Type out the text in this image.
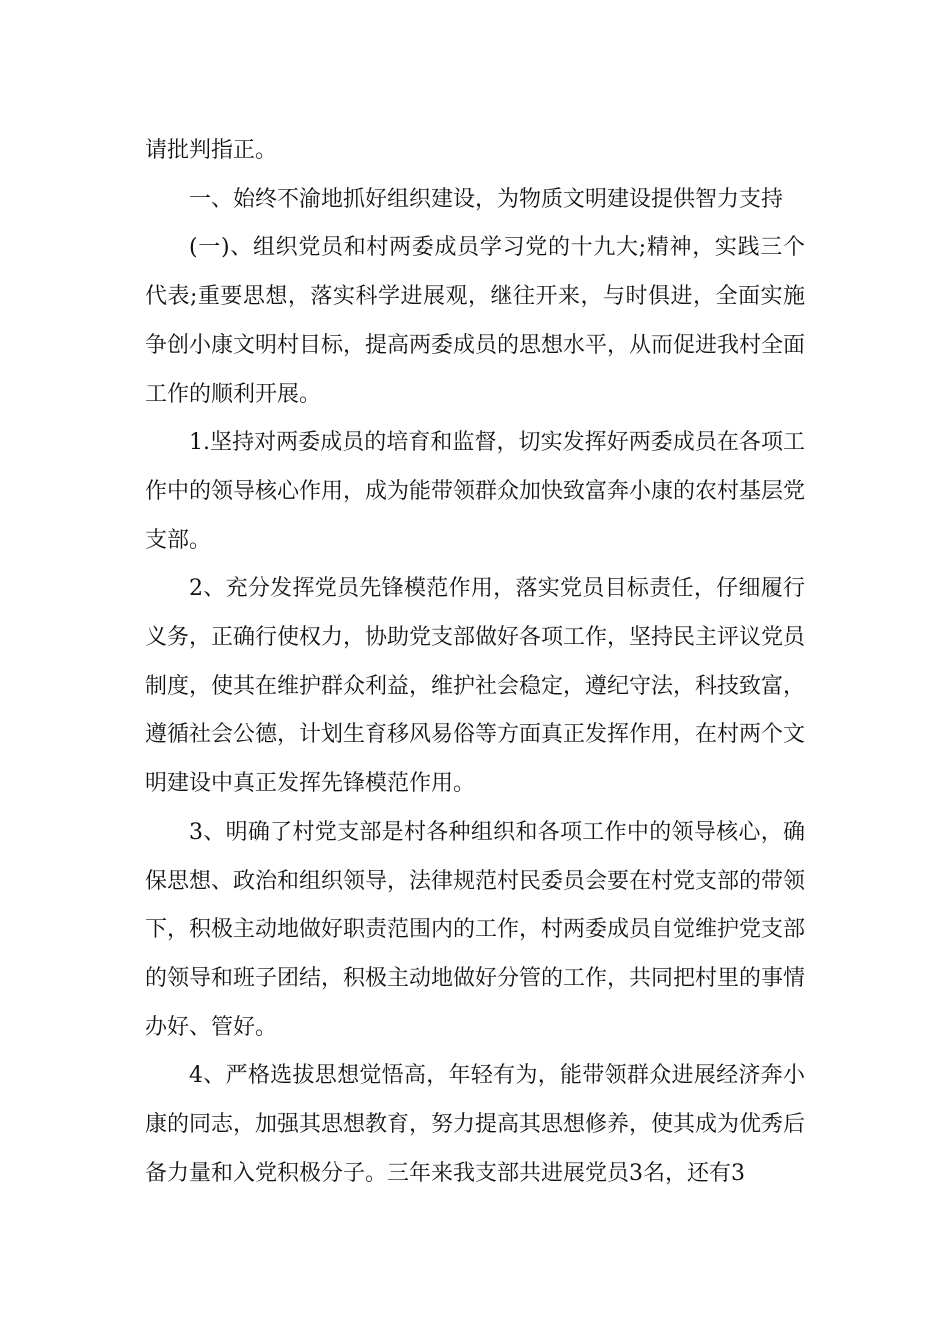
请批判指正。

一、始终不渝地抓好组织建设，为物质文明建设提供智力支持

(一)、组织党员和村两委成员学习党的十九大;精神，实践三个代表;重要思想，落实科学进展观，继往开来，与时俱进，全面实施争创小康文明村目标，提高两委成员的思想水平，从而促进我村全面工作的顺利开展。

1.坚持对两委成员的培育和监督，切实发挥好两委成员在各项工作中的领导核心作用，成为能带领群众加快致富奔小康的农村基层党支部。

2、充分发挥党员先锋模范作用，落实党员目标责任，仔细履行义务，正确行使权力，协助党支部做好各项工作，坚持民主评议党员制度，使其在维护群众利益，维护社会稳定，遵纪守法，科技致富，遵循社会公德，计划生育移风易俗等方面真正发挥作用，在村两个文明建设中真正发挥先锋模范作用。

3、明确了村党支部是村各种组织和各项工作中的领导核心，确保思想、政治和组织领导，法律规范村民委员会要在村党支部的带领下，积极主动地做好职责范围内的工作，村两委成员自觉维护党支部的领导和班子团结，积极主动地做好分管的工作，共同把村里的事情办好、管好。

4、严格选拔思想觉悟高，年轻有为，能带领群众进展经济奔小康的同志，加强其思想教育，努力提高其思想修养，使其成为优秀后备力量和入党积极分子。三年来我支部共进展党员3名，还有3
